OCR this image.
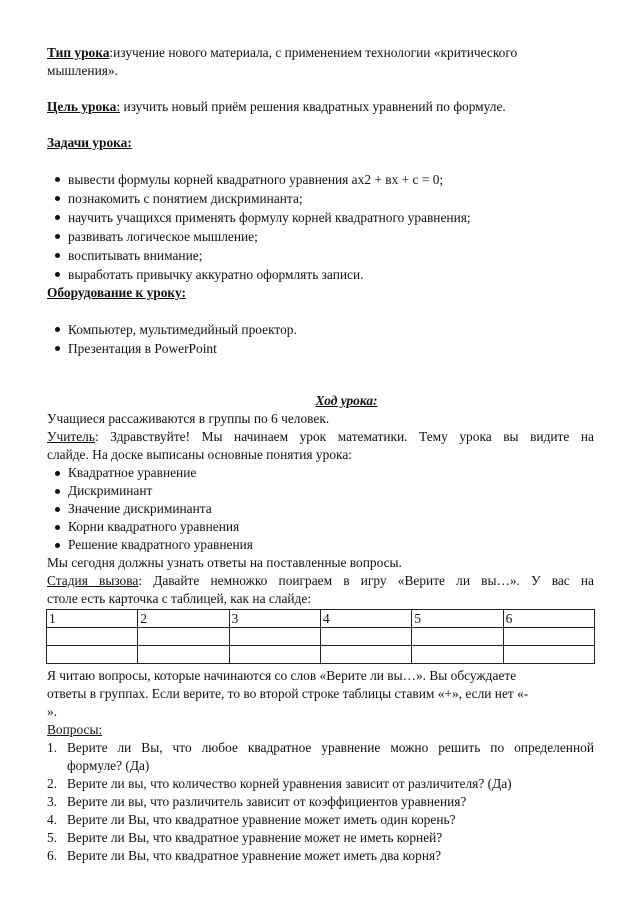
Тип урока:изучение нового материала, с применением технологии «критического
мышления».
Цель урока: изучить новый приём решения квадратных уравнений по формуле.
Задачи урока:
вывести формулы корней квадратного уравнения ах2 + вх + с = 0;
познакомить с понятием дискриминанта;
научить учащихся применять формулу корней квадратного уравнения;
развивать логическое мышление;
воспитывать внимание;
выработать привычку аккуратно оформлять записи.
Оборудование к уроку:
Компьютер, мультимедийный проектор.
Презентация в PowerPoint
Ход урока:
Учащиеся рассаживаются в группы по 6 человек.
Учитель: Здравствуйте! Мы начинаем урок математики. Тему урока вы видите на
слайде. На доске выписаны основные понятия урока:
Квадратное уравнение
Дискриминант
Значение дискриминанта
Корни квадратного уравнения
Решение квадратного уравнения
Мы сегодня должны узнать ответы на поставленные вопросы.
Стадия вызова: Давайте немножко поиграем в игру «Верите ли вы…». У вас на
столе есть карточка с таблицей, как на слайде:
1	2	3	4	5	6

Я читаю вопросы, которые начинаются со слов «Верите ли вы…». Вы обсуждаете
ответы в группах. Если верите, то во второй строке таблицы ставим «+», если нет «-
».
Вопросы:
1. Верите ли Вы, что любое квадратное уравнение можно решить по определенной
формуле? (Да)
2. Верите ли вы, что количество корней уравнения зависит от различителя? (Да)
3. Верите ли вы, что различитель зависит от коэффициентов уравнения?
4. Верите ли Вы, что квадратное уравнение может иметь один корень?
5. Верите ли Вы, что квадратное уравнение может не иметь корней?
6. Верите ли Вы, что квадратное уравнение может иметь два корня?
